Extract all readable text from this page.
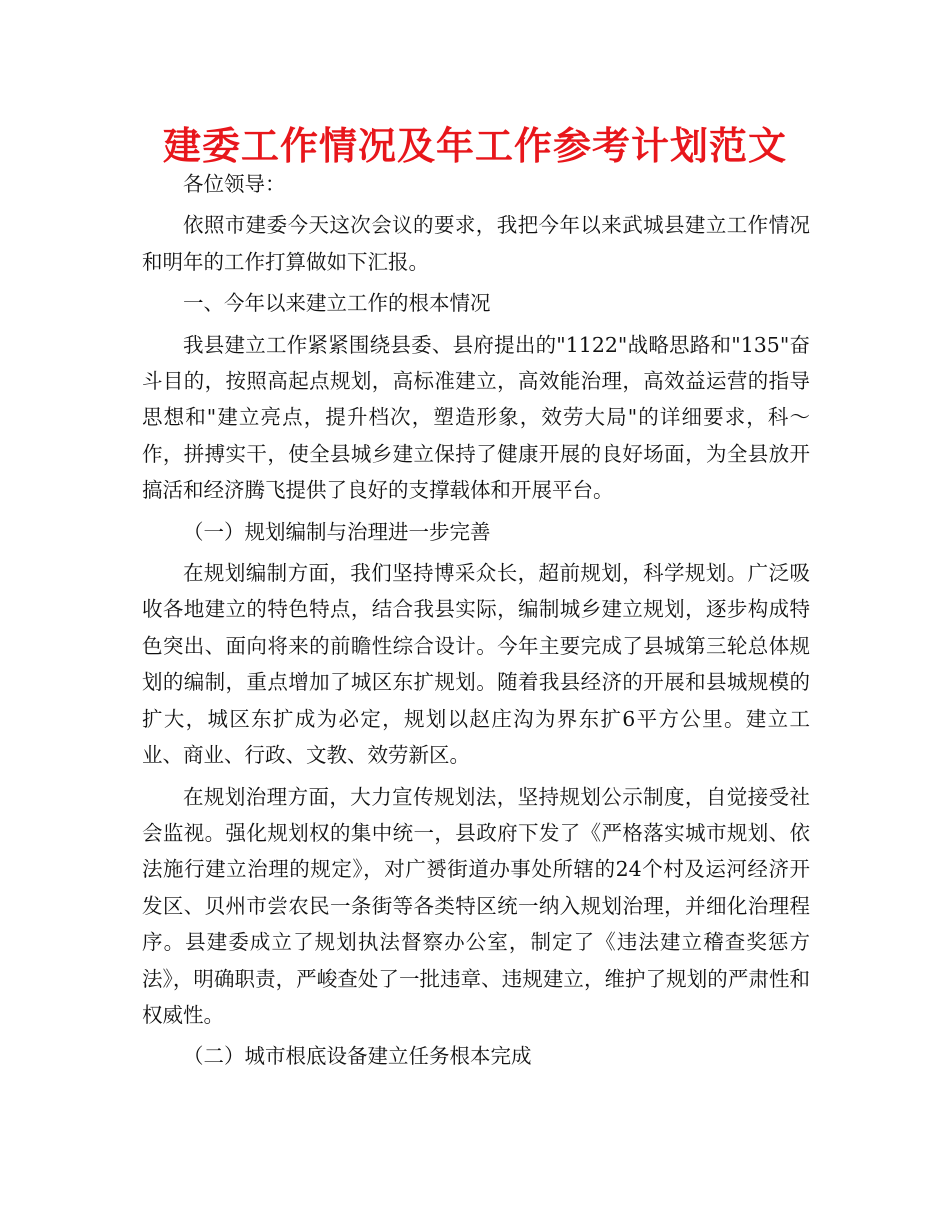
建委工作情况及年工作参考计划范文

各位领导：

依照市建委今天这次会议的要求，我把今年以来武城县建立工作情况和明年的工作打算做如下汇报。

一、今年以来建立工作的根本情况

我县建立工作紧紧围绕县委、县府提出的"1122"战略思路和"135"奋斗目的，按照高起点规划，高标准建立，高效能治理，高效益运营的指导思想和"建立亮点，提升档次，塑造形象，效劳大局"的详细要求，科～作，拼搏实干，使全县城乡建立保持了健康开展的良好场面，为全县放开搞活和经济腾飞提供了良好的支撑载体和开展平台。

（一）规划编制与治理进一步完善

在规划编制方面，我们坚持博采众长，超前规划，科学规划。广泛吸收各地建立的特色特点，结合我县实际，编制城乡建立规划，逐步构成特色突出、面向将来的前瞻性综合设计。今年主要完成了县城第三轮总体规划的编制，重点增加了城区东扩规划。随着我县经济的开展和县城规模的扩大，城区东扩成为必定，规划以赵庄沟为界东扩6平方公里。建立工业、商业、行政、文教、效劳新区。

在规划治理方面，大力宣传规划法，坚持规划公示制度，自觉接受社会监视。强化规划权的集中统一，县政府下发了《严格落实城市规划、依法施行建立治理的规定》，对广赟街道办事处所辖的24个村及运河经济开发区、贝州市尝农民一条街等各类特区统一纳入规划治理，并细化治理程序。县建委成立了规划执法督察办公室，制定了《违法建立稽查奖惩方法》，明确职责，严峻查处了一批违章、违规建立，维护了规划的严肃性和权威性。

（二）城市根底设备建立任务根本完成
